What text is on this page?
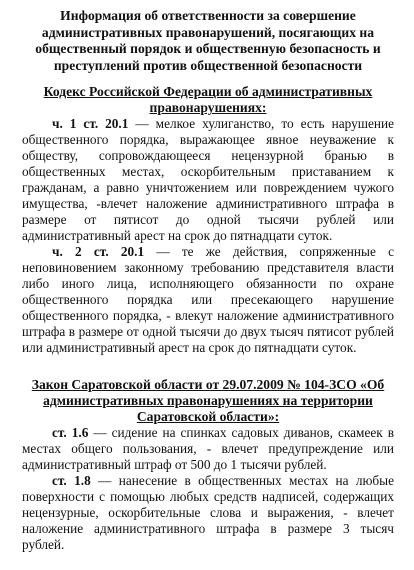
Информация об ответственности за совершение административных правонарушений, посягающих на общественный порядок и общественную безопасность и преступлений против общественной безопасности
Кодекс Российской Федерации об административных правонарушениях:

ч. 1 ст. 20.1 — мелкое хулиганство, то есть нарушение общественного порядка, выражающее явное неуважение к обществу, сопровождающееся нецензурной бранью в общественных местах, оскорбительным приставанием к гражданам, а равно уничтожением или повреждением чужого имущества, -влечет наложение административного штрафа в размере от пятисот до одной тысячи рублей или административный арест на срок до пятнадцати суток.

ч. 2 ст. 20.1 — те же действия, сопряженные с неповиновением законному требованию представителя власти либо иного лица, исполняющего обязанности по охране общественного порядка или пресекающего нарушение общественного порядка, - влекут наложение административного штрафа в размере от одной тысячи до двух тысяч пятисот рублей или административный арест на срок до пятнадцати суток.

Закон Саратовской области от 29.07.2009 № 104-ЗСО «Об административных правонарушениях на территории Саратовской области»:

ст. 1.6 — сидение на спинках садовых диванов, скамеек в местах общего пользования, - влечет предупреждение или административный штраф от 500 до 1 тысячи рублей.

ст. 1.8 — нанесение в общественных местах на любые поверхности с помощью любых средств надписей, содержащих нецензурные, оскорбительные слова и выражения, - влечет наложение административного штрафа в размере 3 тысяч рублей.
